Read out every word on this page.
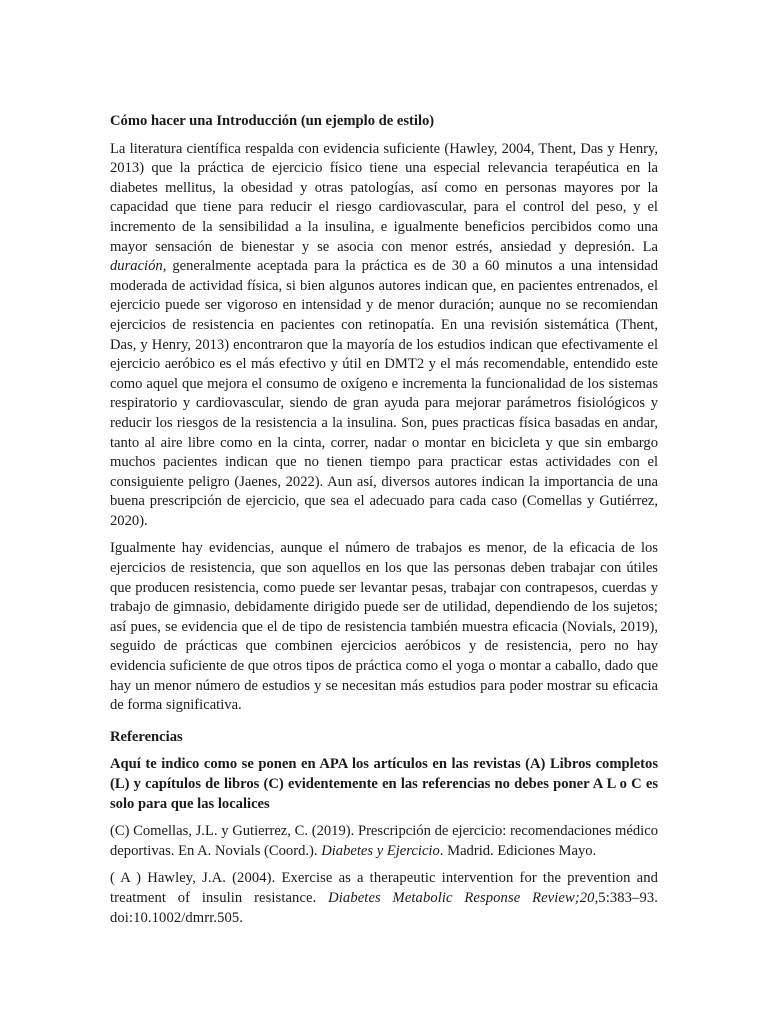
Cómo hacer una Introducción (un ejemplo de estilo)

La literatura científica respalda con evidencia suficiente (Hawley, 2004, Thent, Das y Henry, 2013) que la práctica de ejercicio físico tiene una especial relevancia terapéutica en la diabetes mellitus, la obesidad y otras patologías, así como en personas mayores por la capacidad que tiene para reducir el riesgo cardiovascular, para el control del peso, y el incremento de la sensibilidad a la insulina, e igualmente beneficios percibidos como una mayor sensación de bienestar y se asocia con menor estrés, ansiedad y depresión. La duración, generalmente aceptada para la práctica es de 30 a 60 minutos a una intensidad moderada de actividad física, si bien algunos autores indican que, en pacientes entrenados, el ejercicio puede ser vigoroso en intensidad y de menor duración; aunque no se recomiendan ejercicios de resistencia en pacientes con retinopatía. En una revisión sistemática (Thent, Das, y Henry, 2013) encontraron que la mayoría de los estudios indican que efectivamente el ejercicio aeróbico es el más efectivo y útil en DMT2 y el más recomendable, entendido este como aquel que mejora el consumo de oxígeno e incrementa la funcionalidad de los sistemas respiratorio y cardiovascular, siendo de gran ayuda para mejorar parámetros fisiológicos y reducir los riesgos de la resistencia a la insulina. Son, pues practicas física basadas en andar, tanto al aire libre como en la cinta, correr, nadar o montar en bicicleta y que sin embargo muchos pacientes indican que no tienen tiempo para practicar estas actividades con el consiguiente peligro (Jaenes, 2022). Aun así, diversos autores indican la importancia de una buena prescripción de ejercicio, que sea el adecuado para cada caso (Comellas y Gutiérrez, 2020).

Igualmente hay evidencias, aunque el número de trabajos es menor, de la eficacia de los ejercicios de resistencia, que son aquellos en los que las personas deben trabajar con útiles que producen resistencia, como puede ser levantar pesas, trabajar con contrapesos, cuerdas y trabajo de gimnasio, debidamente dirigido puede ser de utilidad, dependiendo de los sujetos; así pues, se evidencia que el de tipo de resistencia también muestra eficacia (Novials, 2019), seguido de prácticas que combinen ejercicios aeróbicos y de resistencia, pero no hay evidencia suficiente de que otros tipos de práctica como el yoga o montar a caballo, dado que hay un menor número de estudios y se necesitan más estudios para poder mostrar su eficacia de forma significativa.

Referencias
Aquí te indico como se ponen en APA los artículos en las revistas (A) Libros completos (L) y capítulos de libros (C) evidentemente en las referencias no debes poner A L o C es solo para que las localices

(C) Comellas, J.L. y Gutierrez, C. (2019). Prescripción de ejercicio: recomendaciones médico deportivas. En A. Novials (Coord.). Diabetes y Ejercicio. Madrid. Ediciones Mayo.

( A ) Hawley, J.A. (2004). Exercise as a therapeutic intervention for the prevention and treatment of insulin resistance. Diabetes Metabolic Response Review;20,5:383–93. doi:10.1002/dmrr.505.
